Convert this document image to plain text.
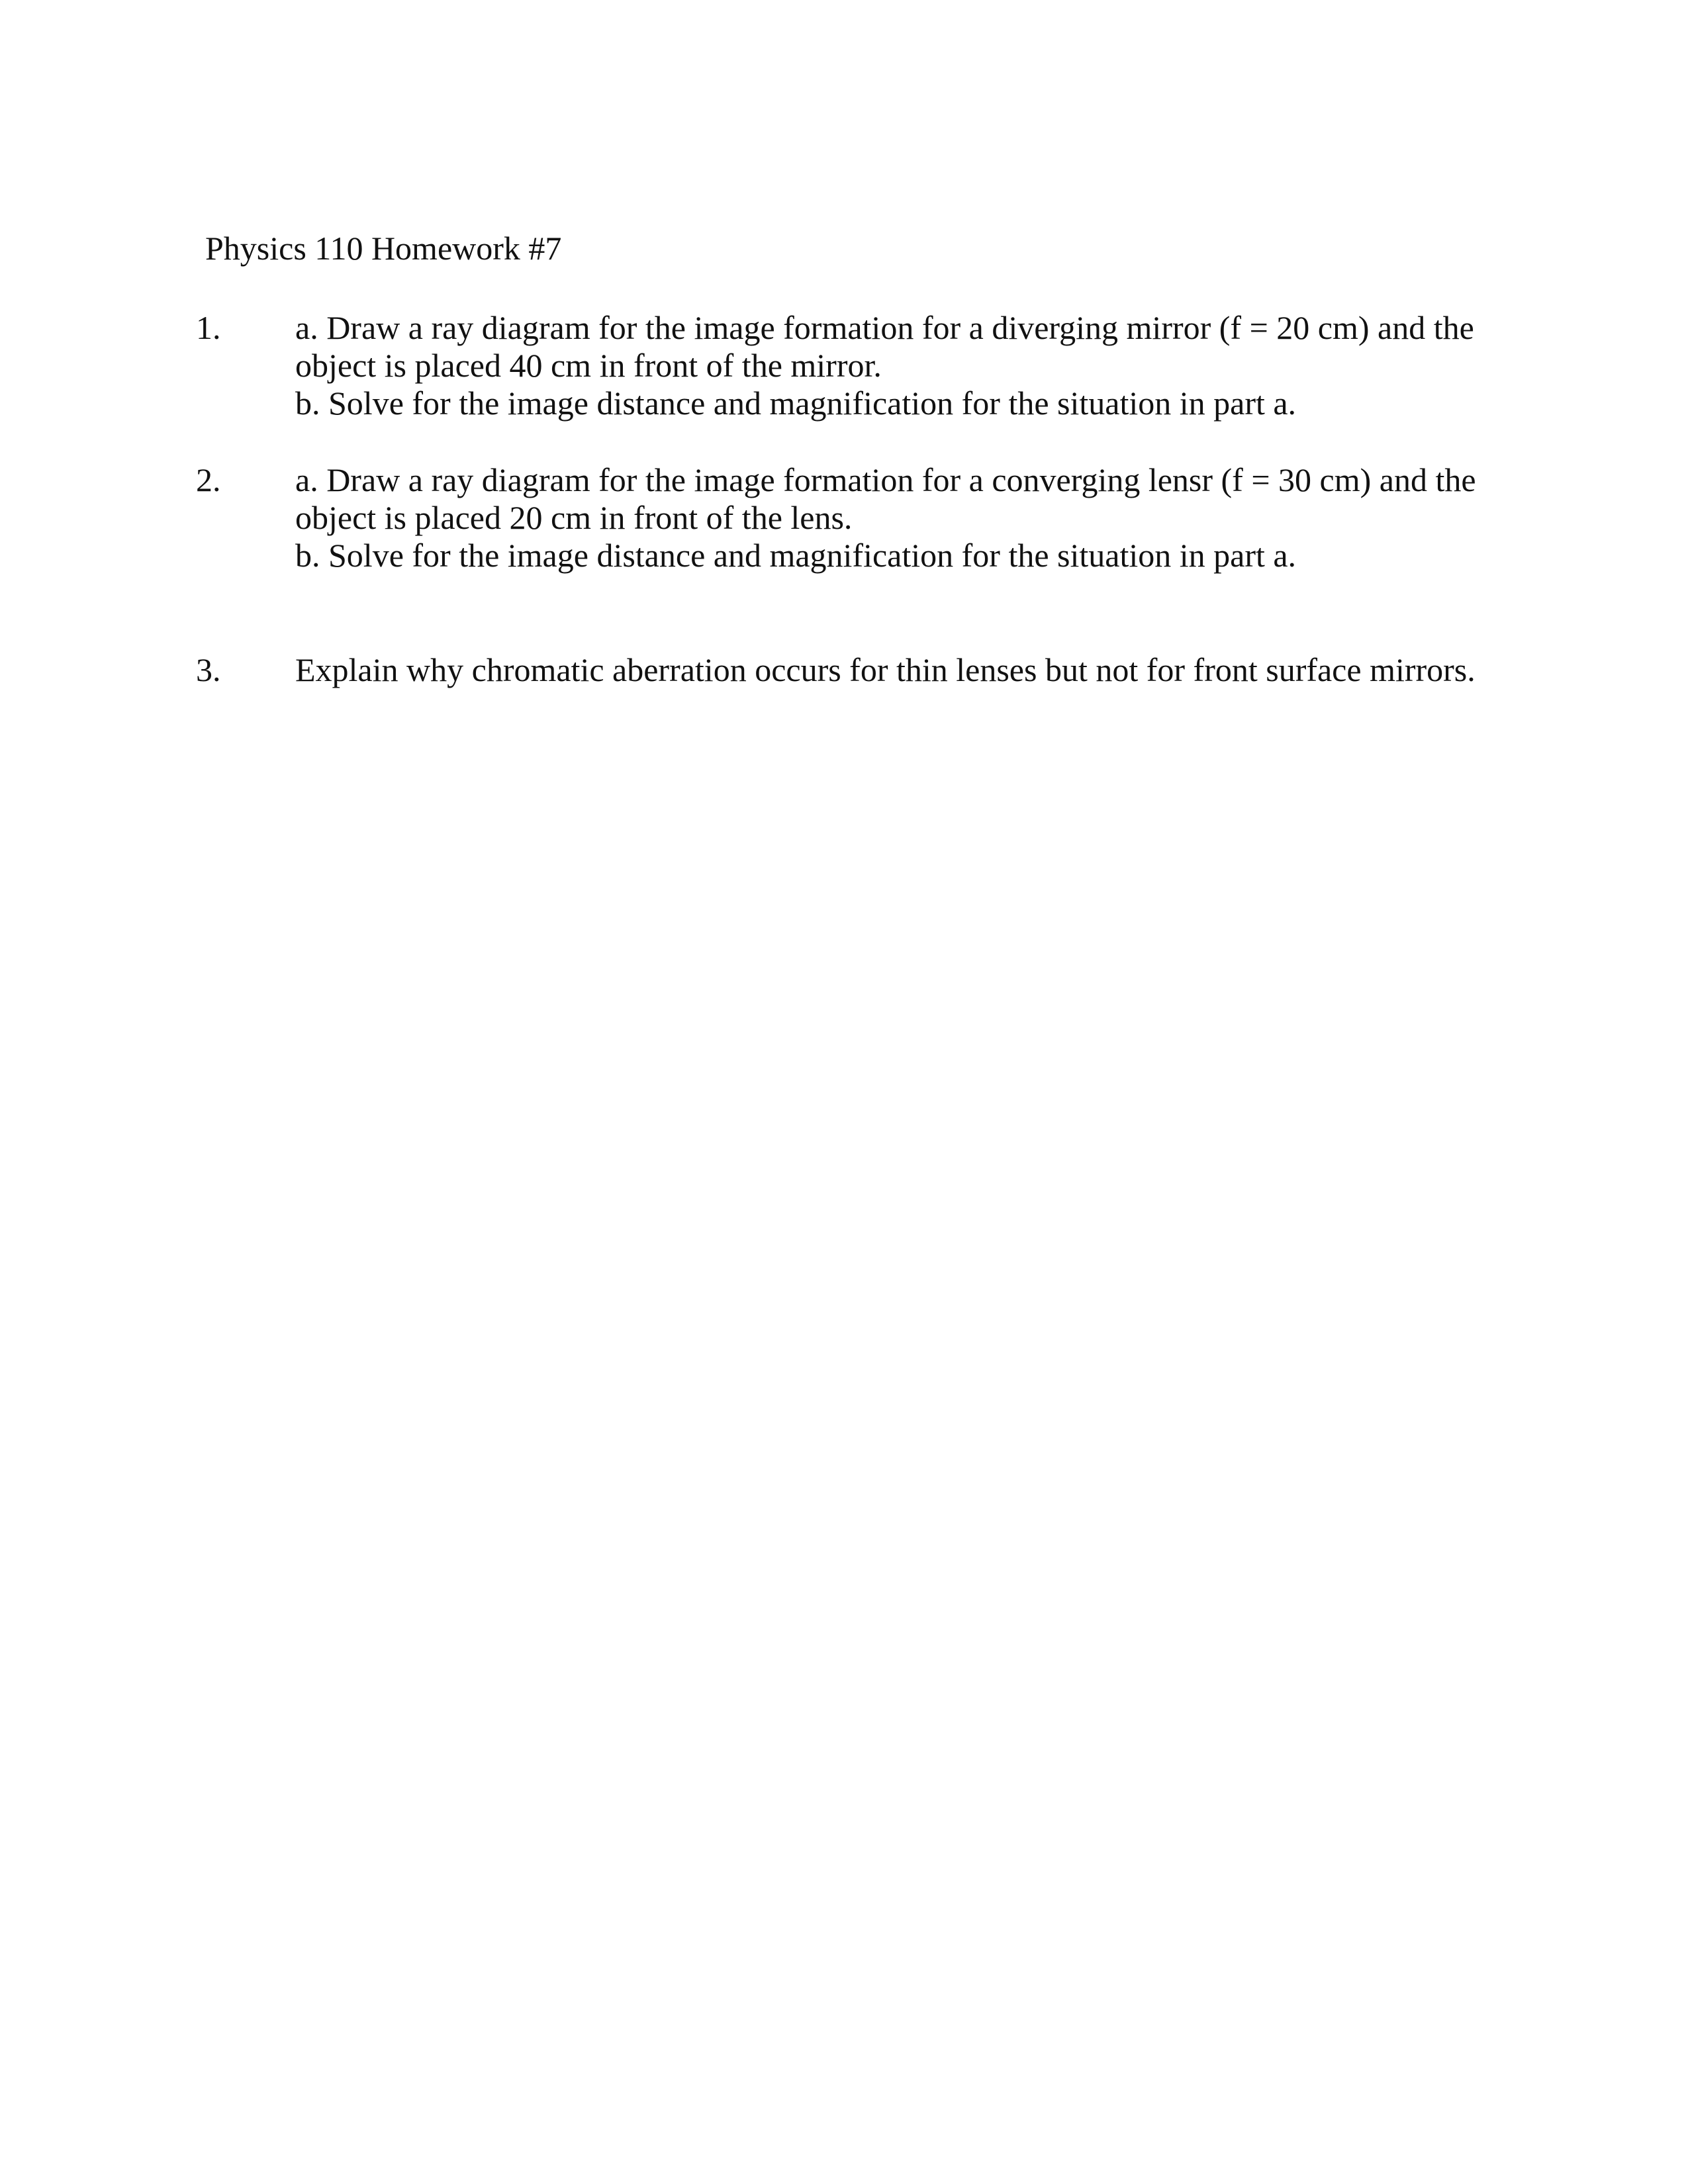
Physics 110 Homework #7
1. a. Draw a ray diagram for the image formation for a diverging mirror (f = 20 cm) and the
object is placed 40 cm in front of the mirror.
b. Solve for the image distance and magnification for the situation in part a.
2. a. Draw a ray diagram for the image formation for a converging lensr (f = 30 cm) and the
object is placed 20 cm in front of the lens.
b. Solve for the image distance and magnification for the situation in part a.
3. Explain why chromatic aberration occurs for thin lenses but not for front surface mirrors.
